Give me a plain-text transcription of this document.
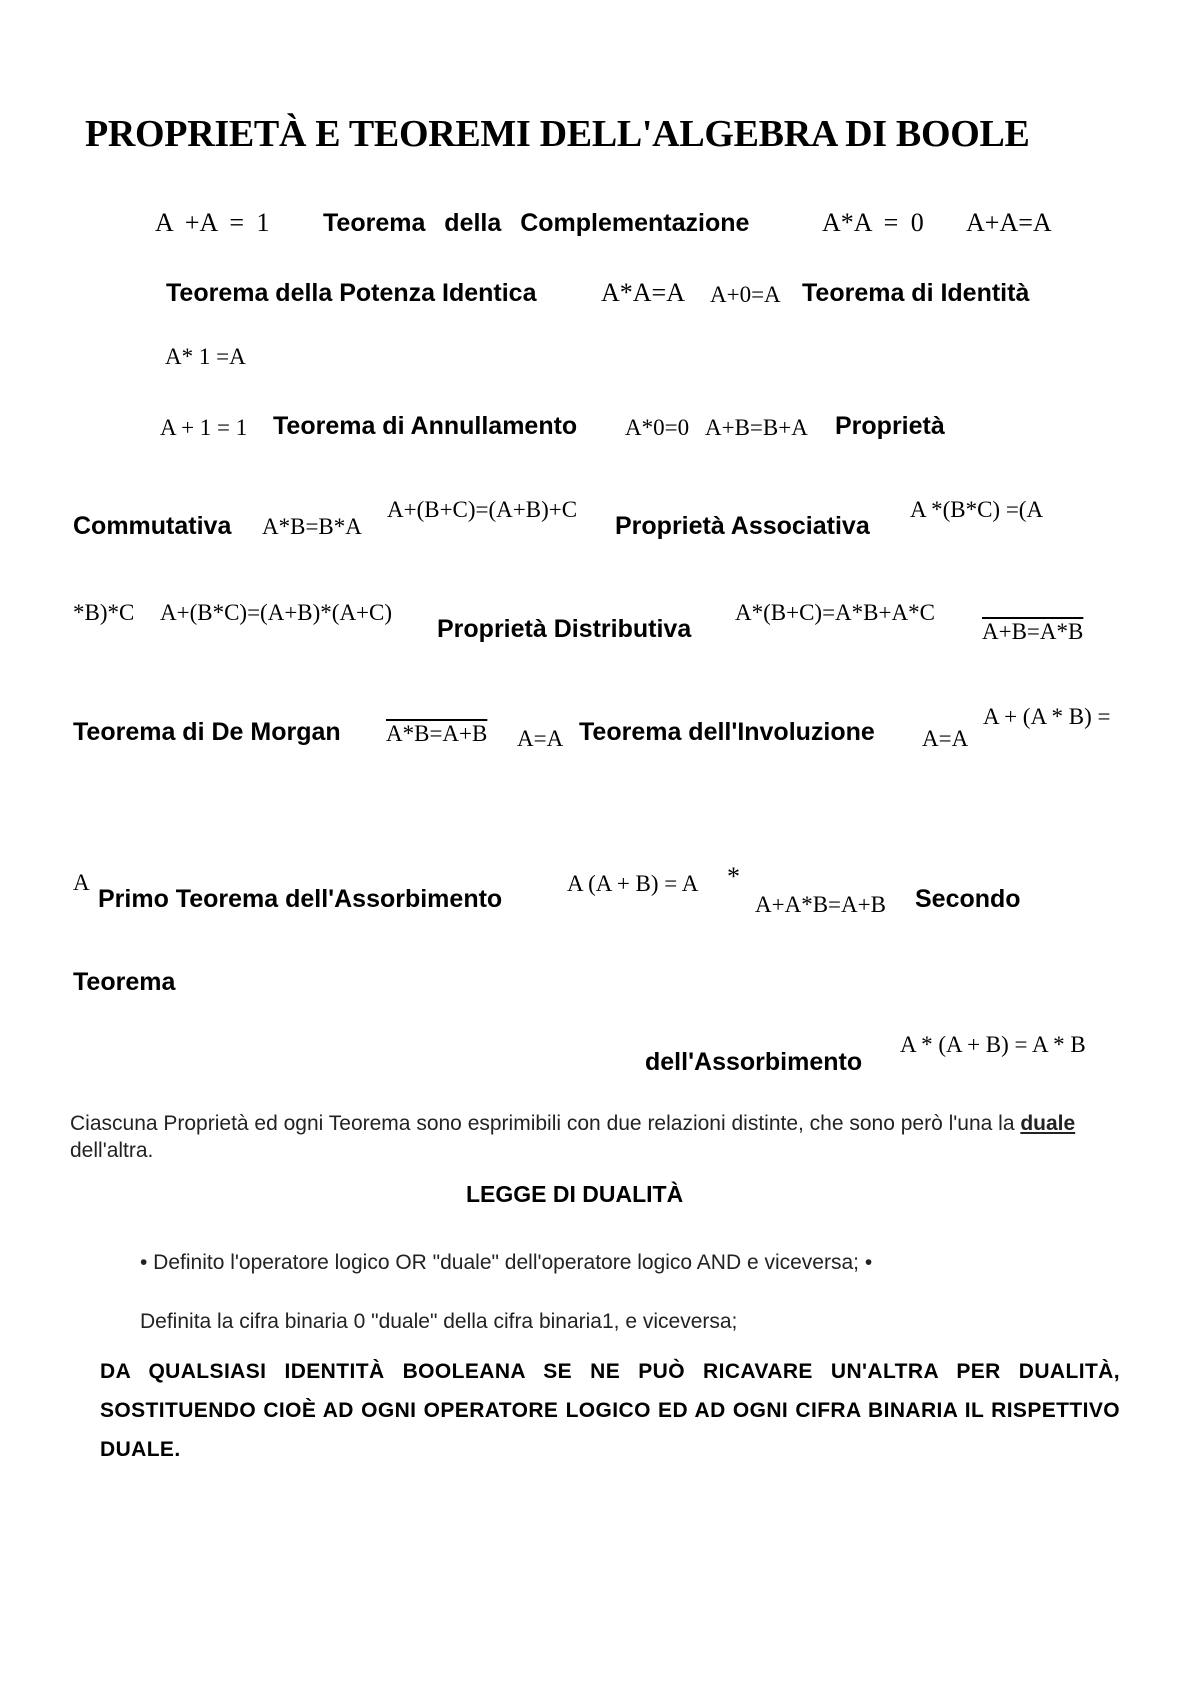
PROPRIETÀ E TEOREMI DELL'ALGEBRA DI BOOLE
A +A = 1 Teorema della Complementazione	A*A = 0 A+A=A
Teorema della Potenza Identica A*A=A A+0=A Teorema di Identità
A* 1 =A
A + 1 = 1 Teorema di Annullamento A*0=0 A+B=B+A Proprietà
Commutativa A*B=B*A
A+(B+C)=(A+B)+C
Proprietà Associativa
A *(B*C) =(A
*B)*C A+(B*C)=(A+B)*(A+C)
Proprietà Distributiva
A*(B+C)=A*B+A*C
A+B=A*B
Teorema di De Morgan A*B=A+B A=A Teorema dell'Involuzione A=A
A + (A * B) =
A
Primo Teorema dell'Assorbimento
A (A + B) = A *
A+A*B=A+B Secondo
Teorema
dell'Assorbimento
A * (A + B) = A * B
Ciascuna Proprietà ed ogni Teorema sono esprimibili con due relazioni distinte, che sono però l'una la duale dell'altra.
LEGGE DI DUALITÀ
• Definito l'operatore logico OR "duale" dell'operatore logico AND e viceversa; •
Definita la cifra binaria 0 "duale" della cifra binaria1, e viceversa;
DA QUALSIASI IDENTITÀ BOOLEANA SE NE PUÒ RICAVARE UN'ALTRA PER DUALITÀ, SOSTITUENDO CIOÈ AD OGNI OPERATORE LOGICO ED AD OGNI CIFRA BINARIA IL RISPETTIVO DUALE.
